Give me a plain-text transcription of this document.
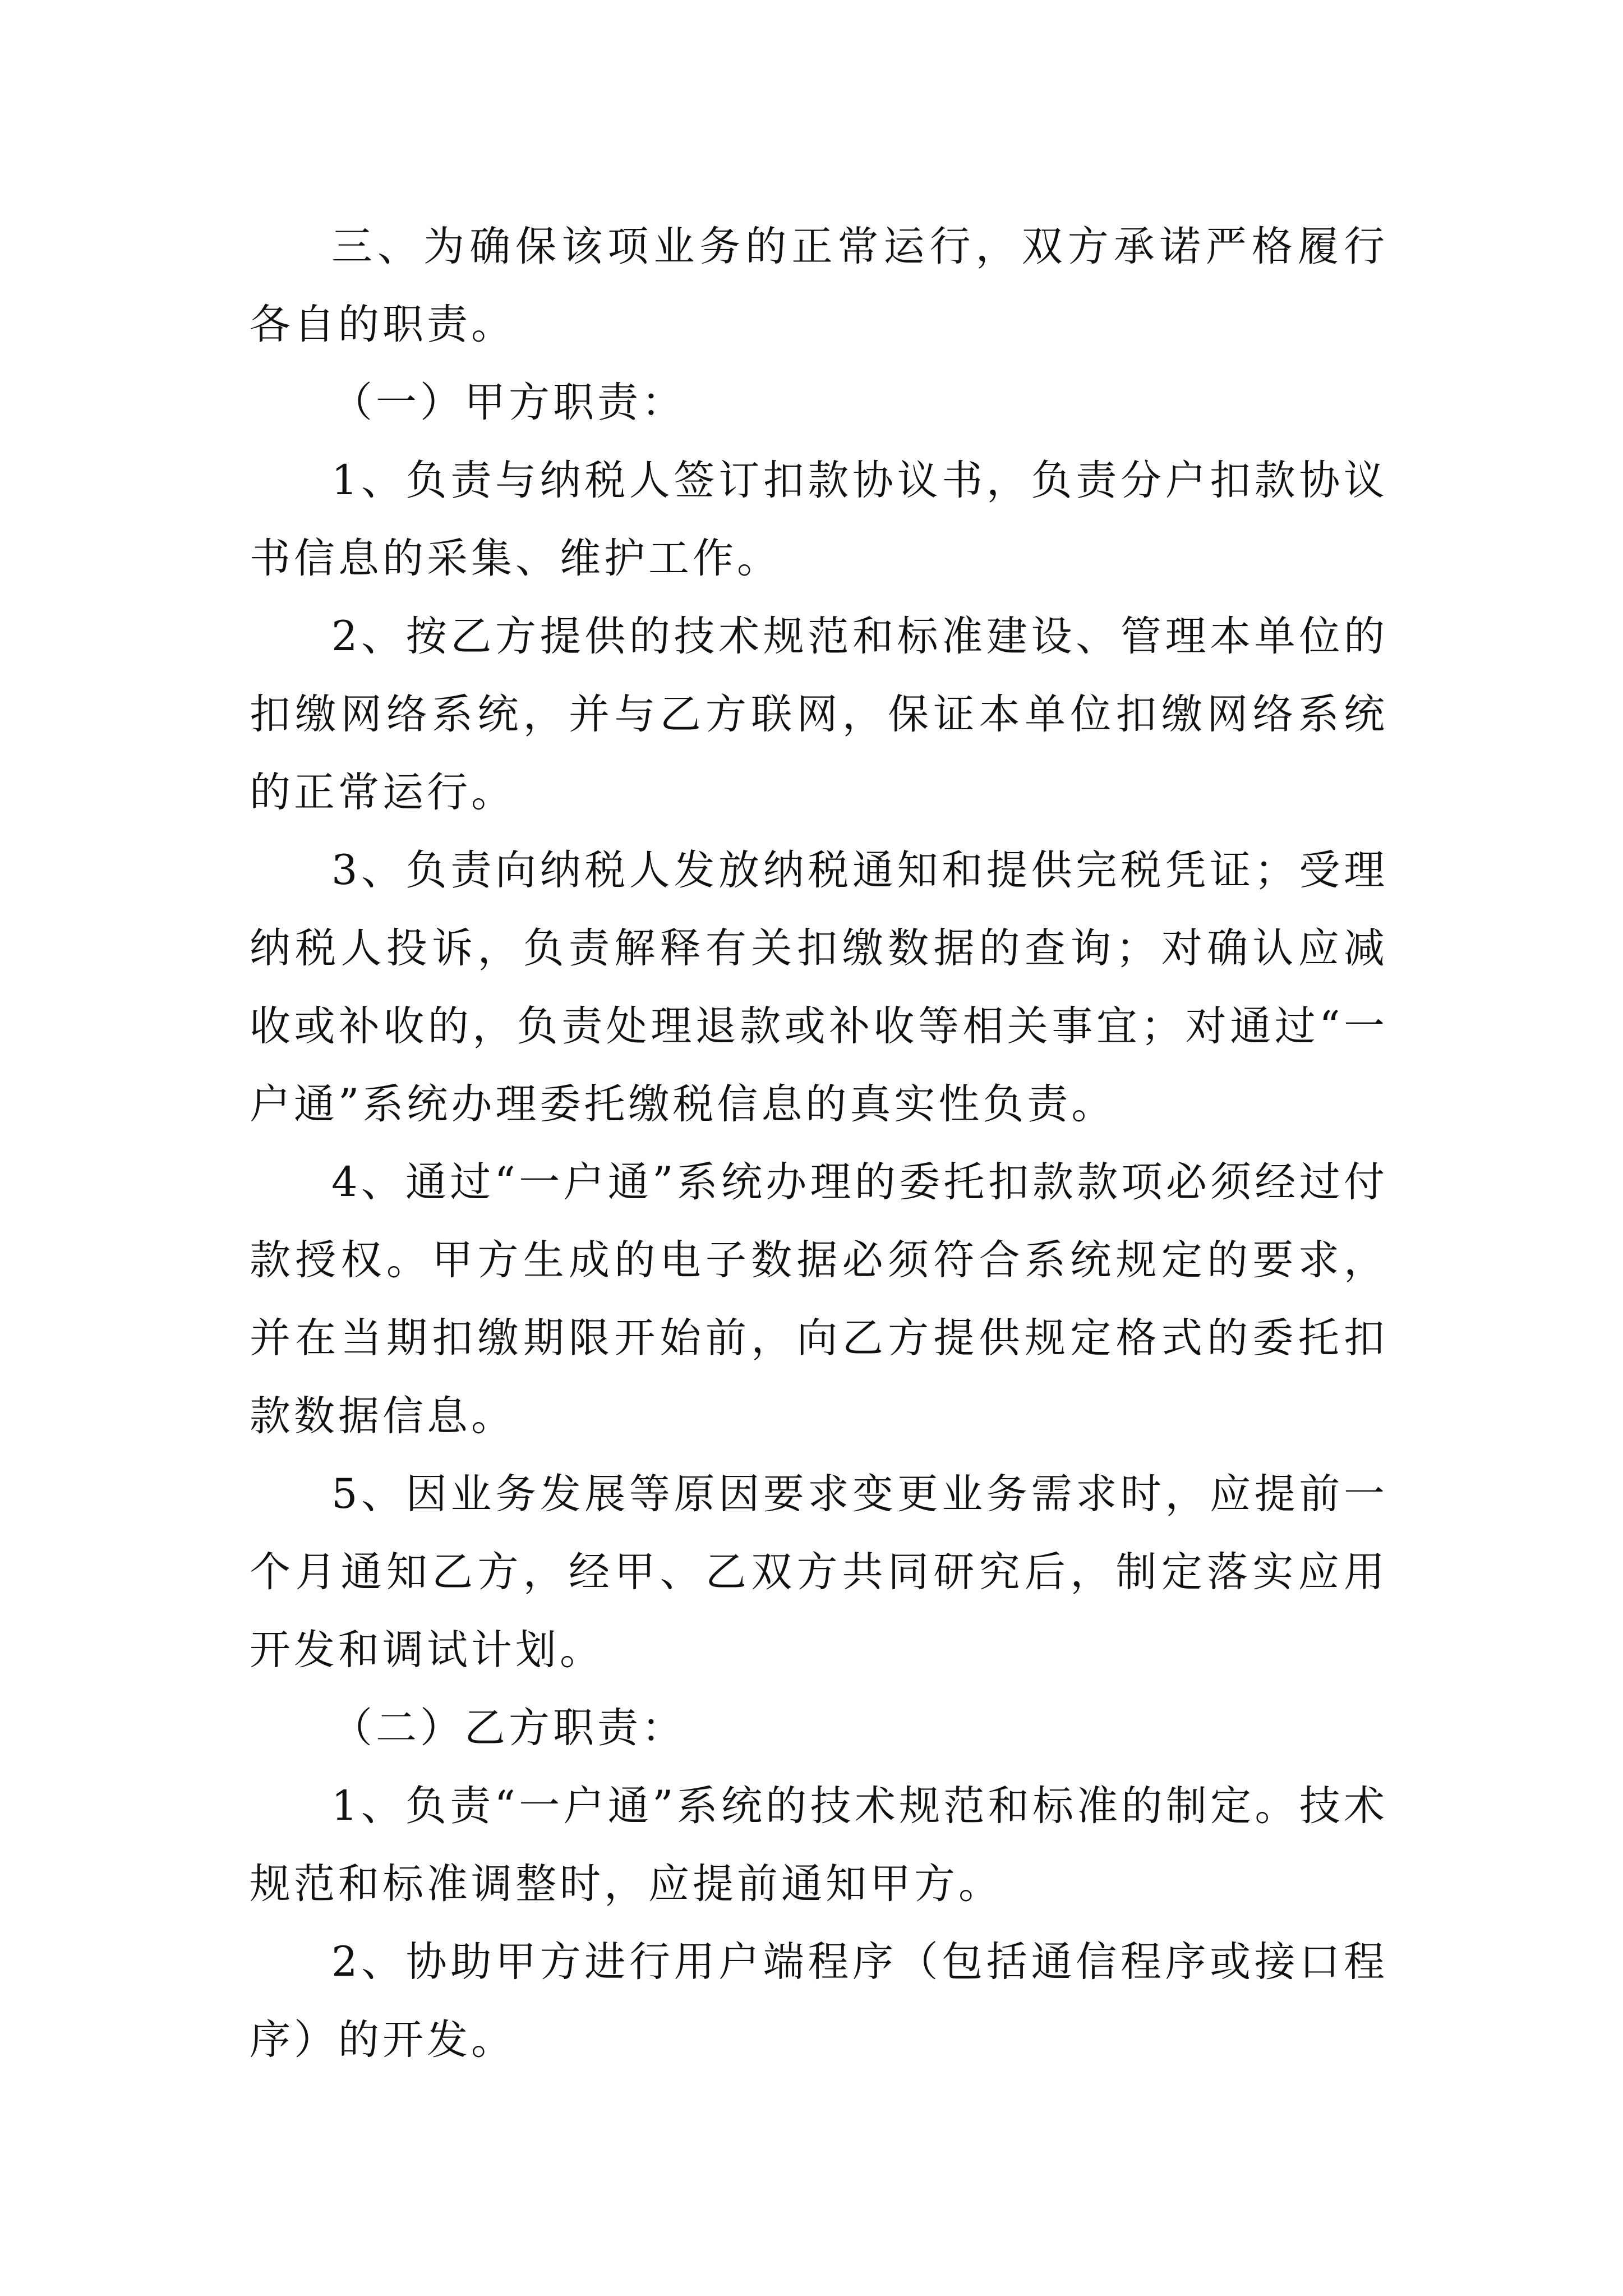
三、为确保该项业务的正常运行，双方承诺严格履行各自的职责。

（一）甲方职责：

1、负责与纳税人签订扣款协议书，负责分户扣款协议书信息的采集、维护工作。

2、按乙方提供的技术规范和标准建设、管理本单位的扣缴网络系统，并与乙方联网，保证本单位扣缴网络系统的正常运行。

3、负责向纳税人发放纳税通知和提供完税凭证；受理纳税人投诉，负责解释有关扣缴数据的查询；对确认应减收或补收的，负责处理退款或补收等相关事宜；对通过“一户通”系统办理委托缴税信息的真实性负责。

4、通过“一户通”系统办理的委托扣款款项必须经过付款授权。甲方生成的电子数据必须符合系统规定的要求，并在当期扣缴期限开始前，向乙方提供规定格式的委托扣款数据信息。

5、因业务发展等原因要求变更业务需求时，应提前一个月通知乙方，经甲、乙双方共同研究后，制定落实应用开发和调试计划。

（二）乙方职责：

1、负责“一户通”系统的技术规范和标准的制定。技术规范和标准调整时，应提前通知甲方。

2、协助甲方进行用户端程序（包括通信程序或接口程序）的开发。
